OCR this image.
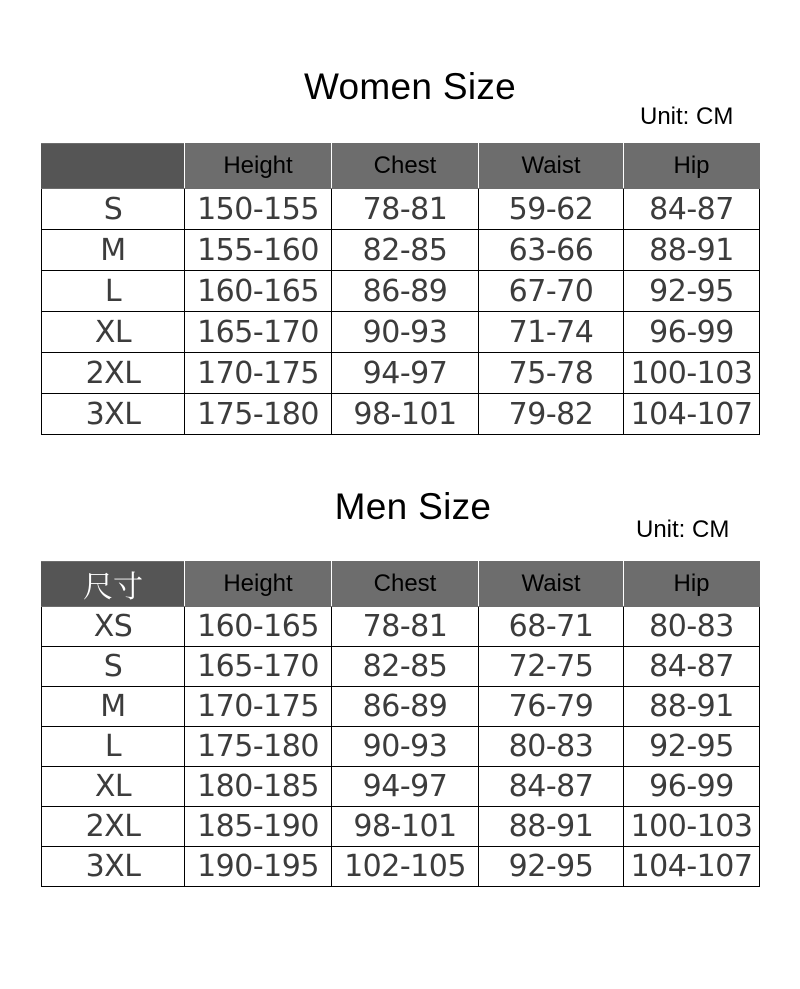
Women Size
Unit: CM
	Height	Chest	Waist	Hip
S	150-155	78-81	59-62	84-87
M	155-160	82-85	63-66	88-91
L	160-165	86-89	67-70	92-95
XL	165-170	90-93	71-74	96-99
2XL	170-175	94-97	75-78	100-103
3XL	175-180	98-101	79-82	104-107
Men Size
Unit: CM
尺寸	Height	Chest	Waist	Hip
XS	160-165	78-81	68-71	80-83
S	165-170	82-85	72-75	84-87
M	170-175	86-89	76-79	88-91
L	175-180	90-93	80-83	92-95
XL	180-185	94-97	84-87	96-99
2XL	185-190	98-101	88-91	100-103
3XL	190-195	102-105	92-95	104-107
